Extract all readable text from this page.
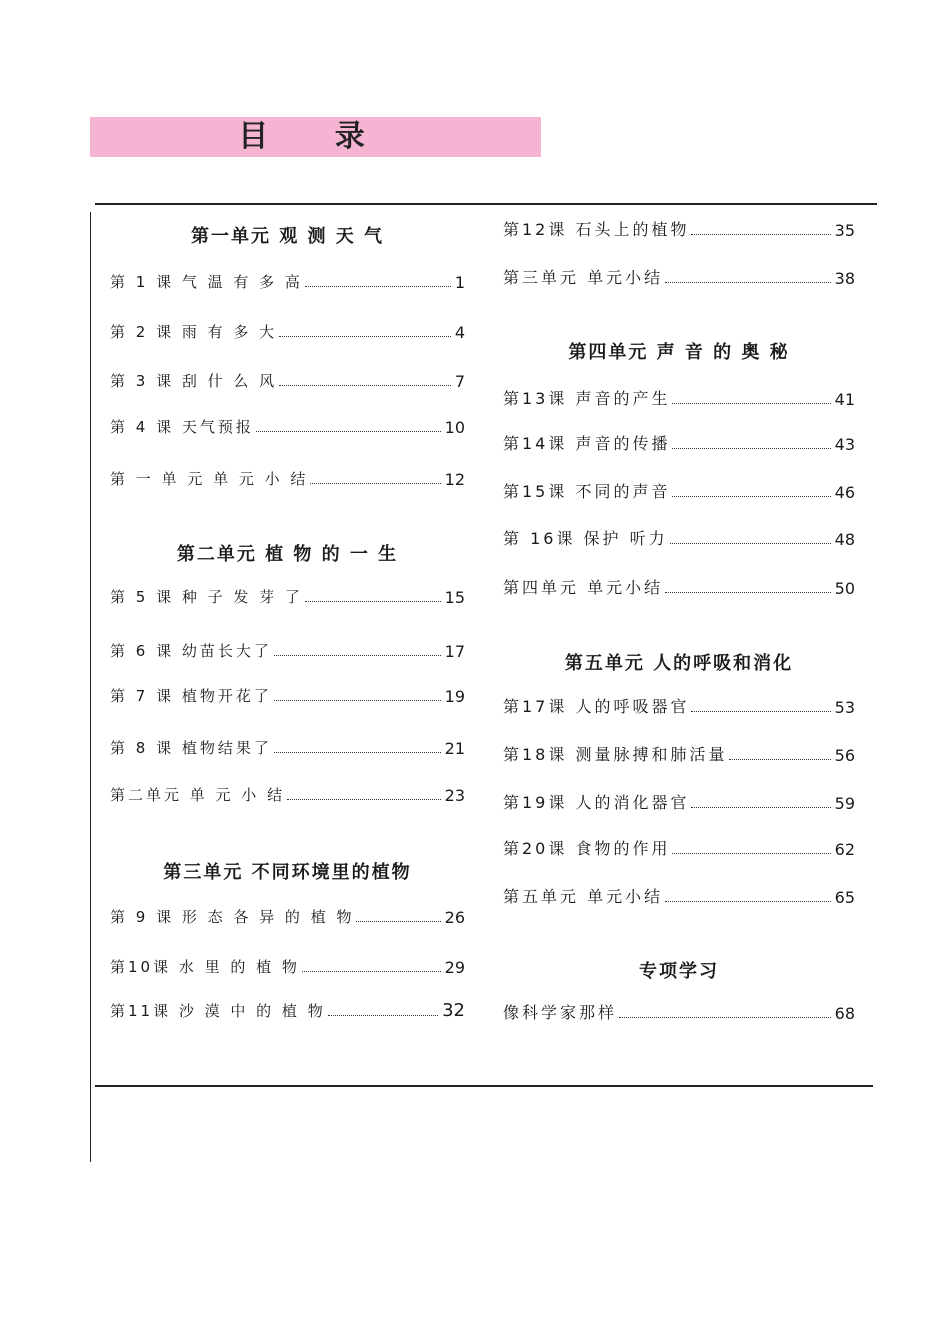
目 录
第一单元 观 测 天 气
第 1 课 气 温 有 多 高	1
第 2 课 雨 有 多 大	4
第 3 课 刮 什 么 风	7
第 4 课 天气预报	10
第 一 单 元 单 元 小 结	12
第二单元 植 物 的 一 生
第 5 课 种 子 发 芽 了	15
第 6 课 幼苗长大了	17
第 7 课 植物开花了	19
第 8 课 植物结果了	21
第二单元 单 元 小 结	23
第三单元 不同环境里的植物
第 9 课 形 态 各 异 的 植 物	26
第10课 水 里 的 植 物	29
第11课 沙 漠 中 的 植 物	32
第12课 石头上的植物	35
第三单元 单元小结	38
第四单元 声 音 的 奥 秘
第13课 声音的产生	41
第14课 声音的传播	43
第15课 不同的声音	46
第 16课 保护 听力	48
第四单元 单元小结	50
第五单元 人的呼吸和消化
第17课 人的呼吸器官	53
第18课 测量脉搏和肺活量	56
第19课 人的消化器官	59
第20课 食物的作用	62
第五单元 单元小结	65
专项学习
像科学家那样	68
